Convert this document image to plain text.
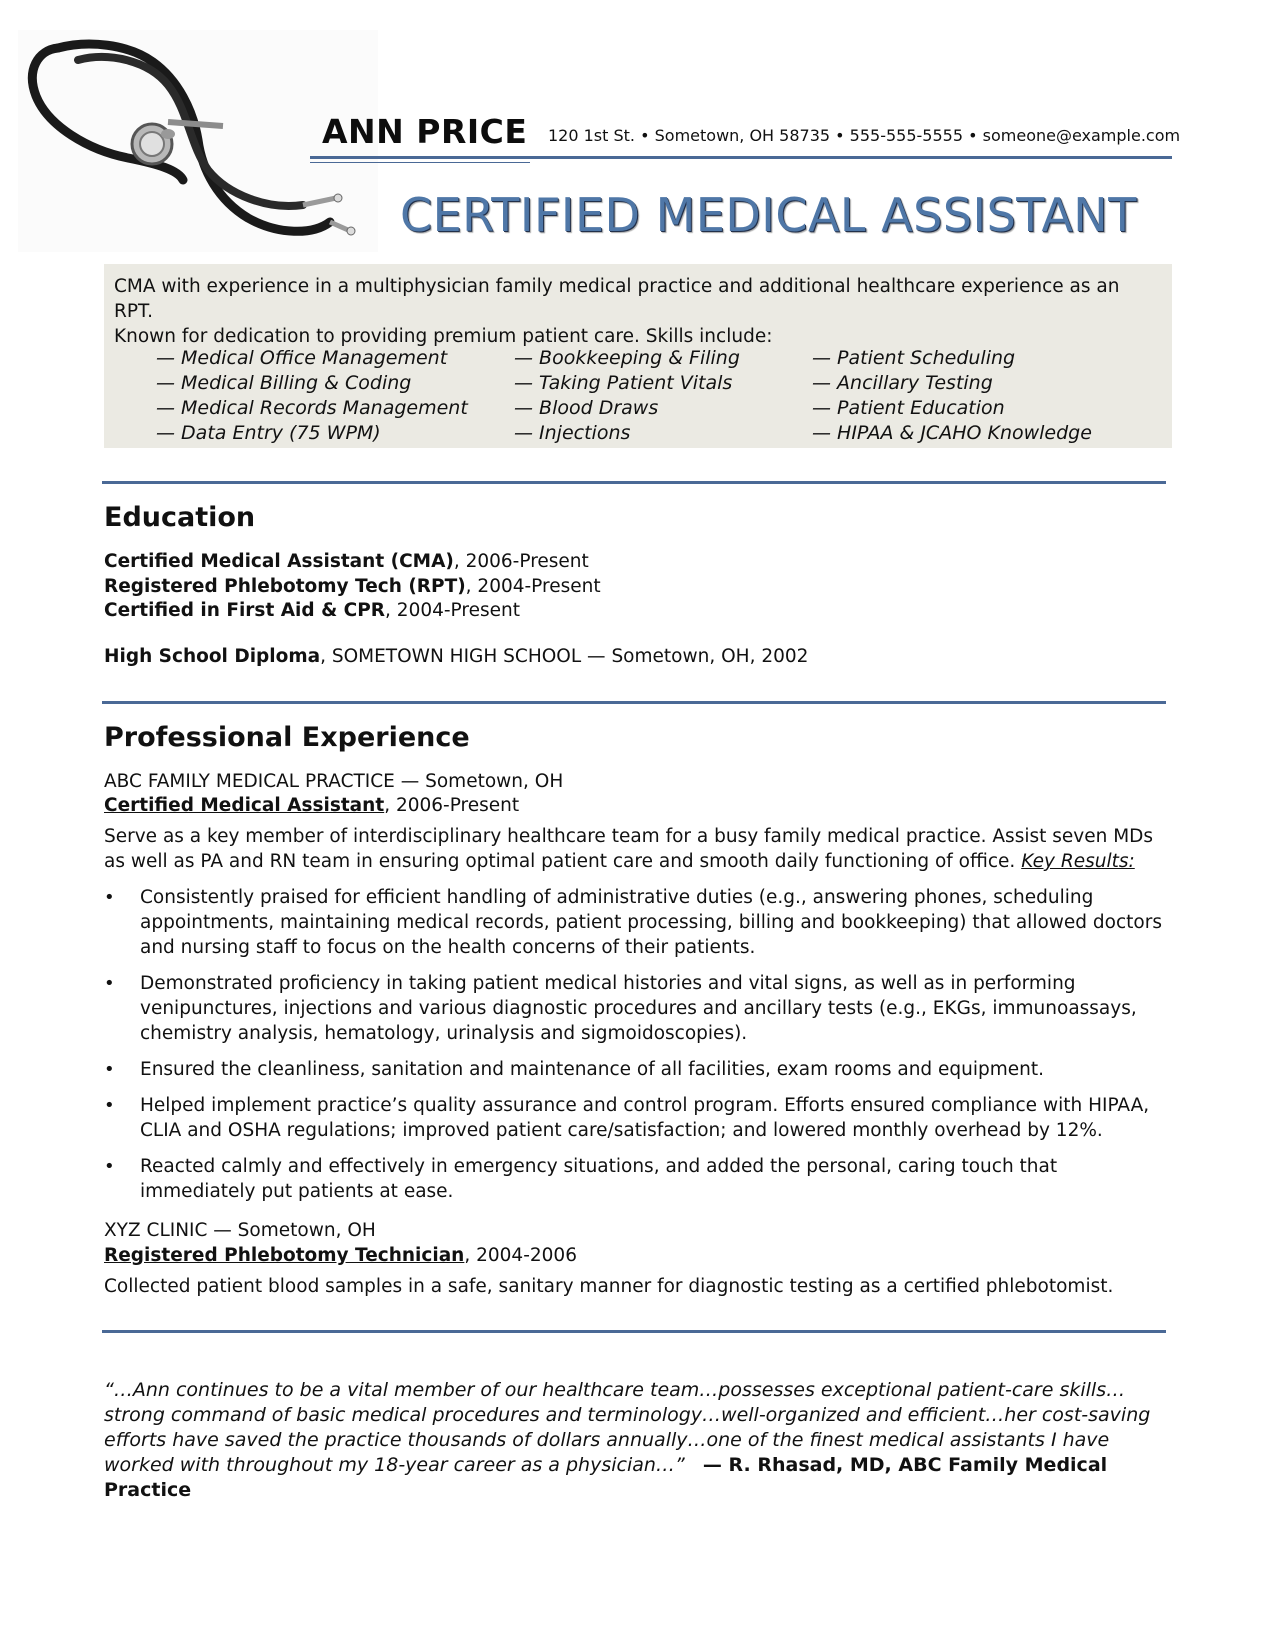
ANN PRICE 120 1st St. • Sometown, OH 58735 • 555-555-5555 • someone@example.com
CERTIFIED MEDICAL ASSISTANT
CMA with experience in a multiphysician family medical practice and additional healthcare experience as an RPT.
Known for dedication to providing premium patient care. Skills include:
— Medical Office Management
— Medical Billing & Coding
— Medical Records Management
— Data Entry (75 WPM)
— Bookkeeping & Filing
— Taking Patient Vitals
— Blood Draws
— Injections
— Patient Scheduling
— Ancillary Testing
— Patient Education
— HIPAA & JCAHO Knowledge
Education
Certified Medical Assistant (CMA), 2006-Present
Registered Phlebotomy Tech (RPT), 2004-Present
Certified in First Aid & CPR, 2004-Present
High School Diploma, SOMETOWN HIGH SCHOOL — Sometown, OH, 2002
Professional Experience
ABC FAMILY MEDICAL PRACTICE — Sometown, OH
Certified Medical Assistant, 2006-Present
Serve as a key member of interdisciplinary healthcare team for a busy family medical practice. Assist seven MDs as well as PA and RN team in ensuring optimal patient care and smooth daily functioning of office. Key Results:
• Consistently praised for efficient handling of administrative duties (e.g., answering phones, scheduling appointments, maintaining medical records, patient processing, billing and bookkeeping) that allowed doctors and nursing staff to focus on the health concerns of their patients.
• Demonstrated proficiency in taking patient medical histories and vital signs, as well as in performing venipunctures, injections and various diagnostic procedures and ancillary tests (e.g., EKGs, immunoassays, chemistry analysis, hematology, urinalysis and sigmoidoscopies).
• Ensured the cleanliness, sanitation and maintenance of all facilities, exam rooms and equipment.
• Helped implement practice’s quality assurance and control program. Efforts ensured compliance with HIPAA, CLIA and OSHA regulations; improved patient care/satisfaction; and lowered monthly overhead by 12%.
• Reacted calmly and effectively in emergency situations, and added the personal, caring touch that immediately put patients at ease.
XYZ CLINIC — Sometown, OH
Registered Phlebotomy Technician, 2004-2006
Collected patient blood samples in a safe, sanitary manner for diagnostic testing as a certified phlebotomist.
“…Ann continues to be a vital member of our healthcare team…possesses exceptional patient-care skills…strong command of basic medical procedures and terminology…well-organized and efficient…her cost-saving efforts have saved the practice thousands of dollars annually…one of the finest medical assistants I have worked with throughout my 18-year career as a physician…” — R. Rhasad, MD, ABC Family Medical Practice
